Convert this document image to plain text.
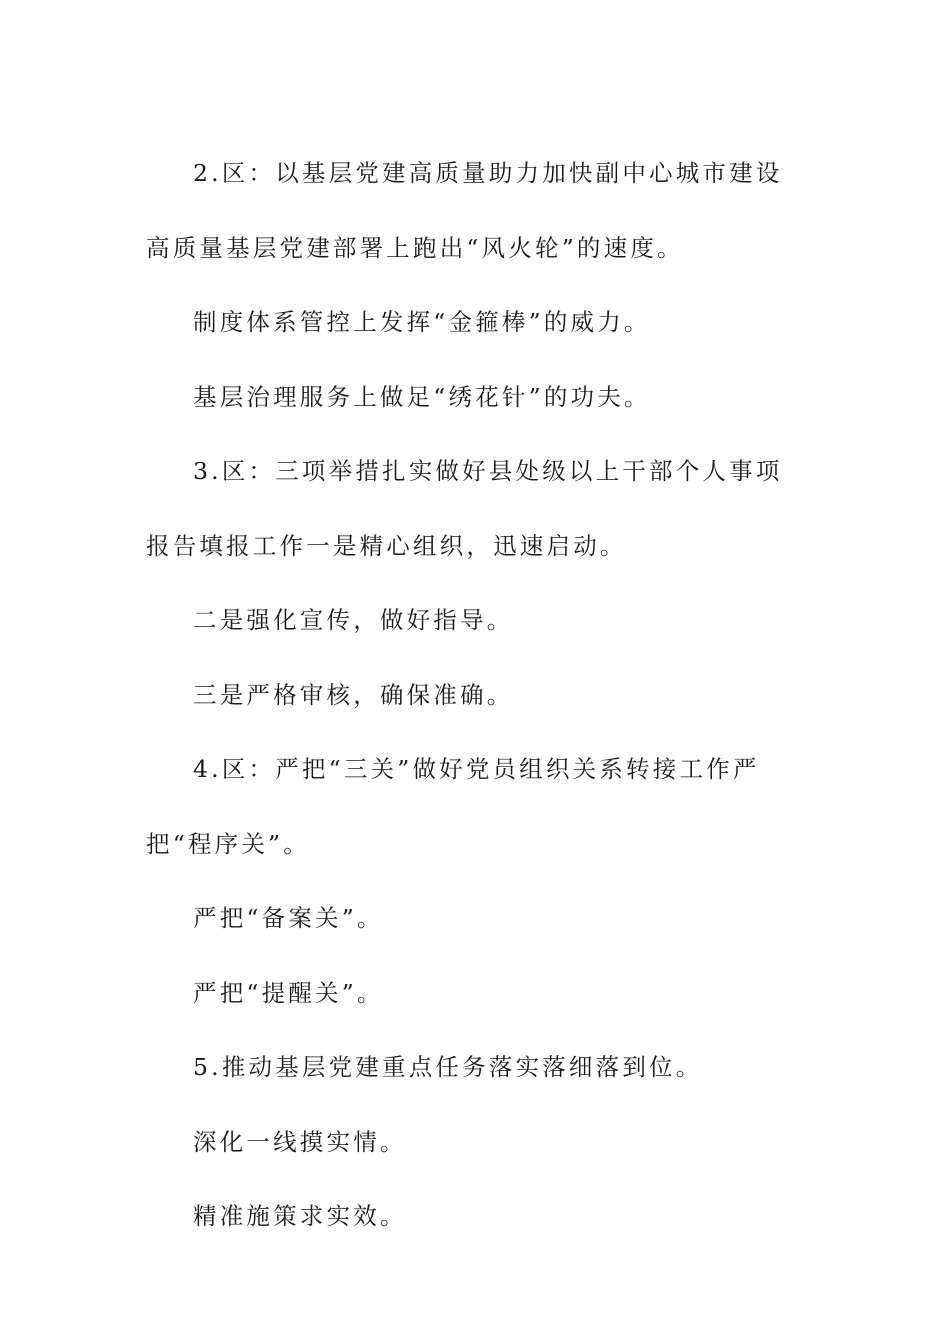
2.区：以基层党建高质量助力加快副中心城市建设高质量基层党建部署上跑出“风火轮”的速度。

制度体系管控上发挥“金箍棒”的威力。

基层治理服务上做足“绣花针”的功夫。

3.区：三项举措扎实做好县处级以上干部个人事项报告填报工作一是精心组织，迅速启动。

二是强化宣传，做好指导。

三是严格审核，确保准确。

4.区：严把“三关”做好党员组织关系转接工作严把“程序关”。

严把“备案关”。

严把“提醒关”。

5.推动基层党建重点任务落实落细落到位。

深化一线摸实情。

精准施策求实效。
